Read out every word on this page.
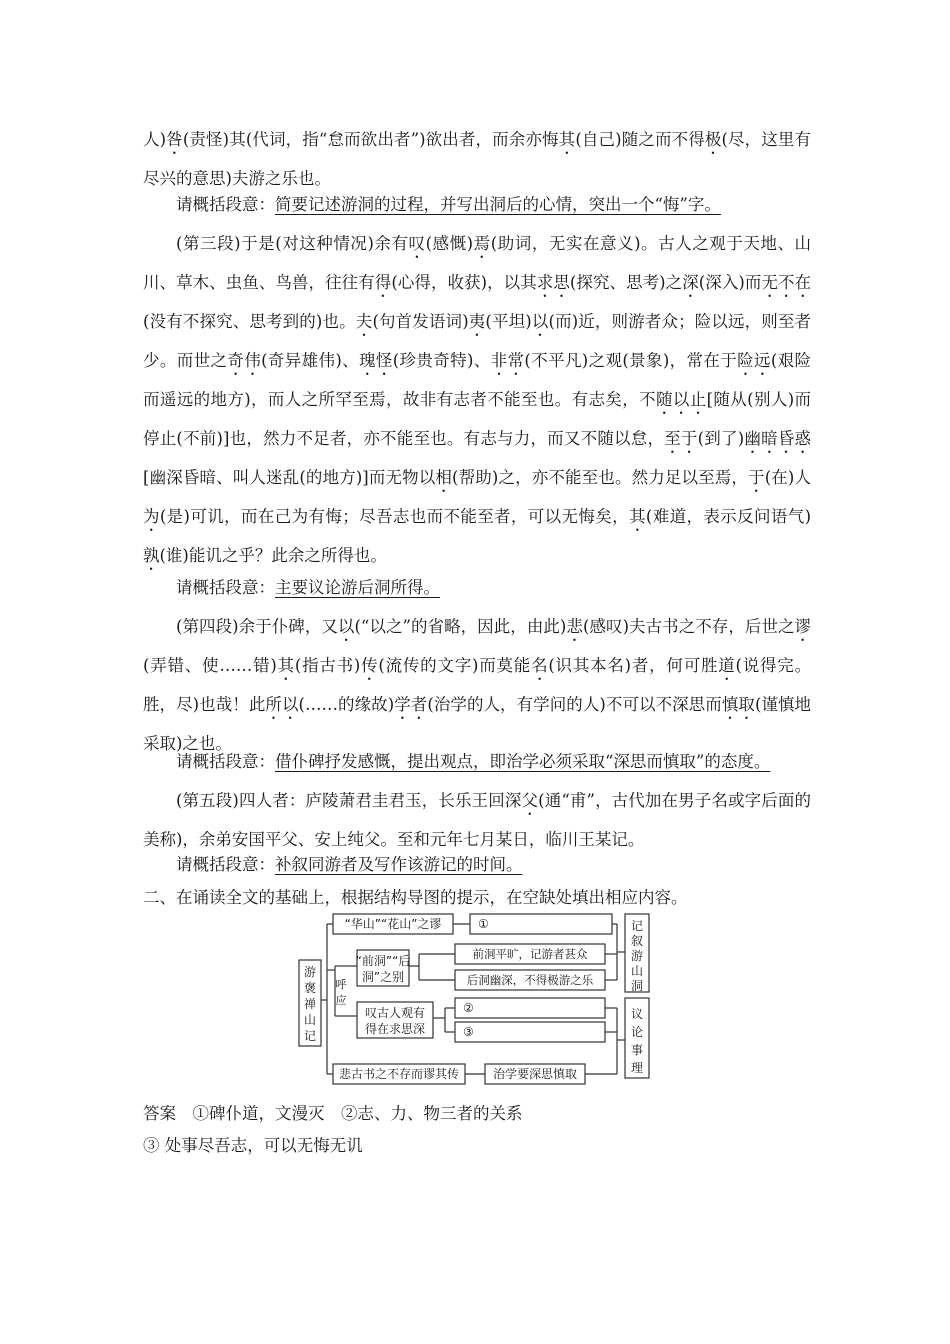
人)咎(责怪)其(代词，指“怠而欲出者”)欲出者，而余亦悔其(自己)随之而不得极(尽，这里有尽兴的意思)夫游之乐也。

请概括段意：简要记述游洞的过程，并写出洞后的心情，突出一个“悔”字。

(第三段)于是(对这种情况)余有叹(感慨)焉(助词，无实在意义)。古人之观于天地、山川、草木、虫鱼、鸟兽，往往有得(心得，收获)，以其求思(探究、思考)之深(深入)而无不在(没有不探究、思考到的)也。夫(句首发语词)夷(平坦)以(而)近，则游者众；险以远，则至者少。而世之奇伟(奇异雄伟)、瑰怪(珍贵奇特)、非常(不平凡)之观(景象)，常在于险远(艰险而遥远的地方)，而人之所罕至焉，故非有志者不能至也。有志矣，不随以止[随从(别人)而停止(不前)]也，然力不足者，亦不能至也。有志与力，而又不随以怠，至于(到了)幽暗昏惑[幽深昏暗、叫人迷乱(的地方)]而无物以相(帮助)之，亦不能至也。然力足以至焉，于(在)人为(是)可讥，而在己为有悔；尽吾志也而不能至者，可以无悔矣，其(难道，表示反问语气)孰(谁)能讥之乎？此余之所得也。

请概括段意：主要议论游后洞所得。

(第四段)余于仆碑，又以(“以之”的省略，因此，由此)悲(感叹)夫古书之不存，后世之谬(弄错、使……错)其(指古书)传(流传的文字)而莫能名(识其本名)者，何可胜道(说得完。胜，尽)也哉！此所以(……的缘故)学者(治学的人，有学问的人)不可以不深思而慎取(谨慎地采取)之也。

请概括段意：借仆碑抒发感慨，提出观点，即治学必须采取“深思而慎取”的态度。

(第五段)四人者：庐陵萧君圭君玉，长乐王回深父(通“甫”，古代加在男子名或字后面的美称)，余弟安国平父、安上纯父。至和元年七月某日，临川王某记。

请概括段意：补叙同游者及写作该游记的时间。
二、在诵读全文的基础上，根据结构导图的提示，在空缺处填出相应内容。
游
褒
禅
山
记
呼
应
“华山”“花山”之谬	①
“前洞”“后
洞”之别
前洞平旷，记游者甚众
后洞幽深，不得极游之乐
叹古人观有
得在求思深
②
③
悲古书之不存而谬其传	治学要深思慎取
记
叙
游
山
洞
议
论
事
理
答案　 ①碑仆道，文漫灭　②志、力、物三者的关系
③ 处事尽吾志，可以无悔无讥
